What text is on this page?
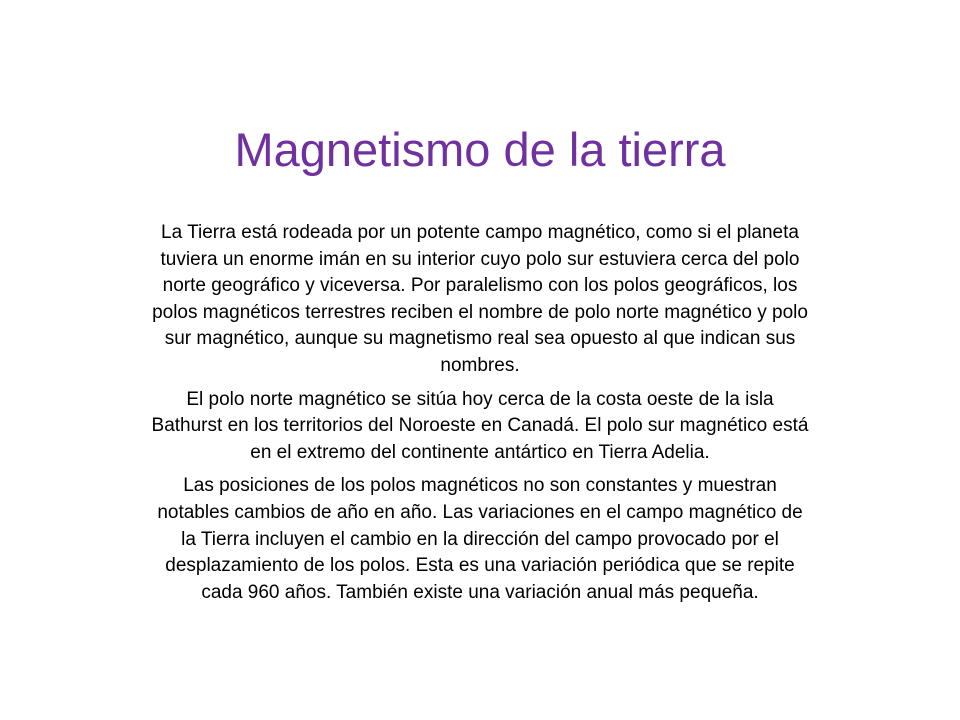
Magnetismo de la tierra

La Tierra está rodeada por un potente campo magnético, como si el planeta tuviera un enorme imán en su interior cuyo polo sur estuviera cerca del polo norte geográfico y viceversa. Por paralelismo con los polos geográficos, los polos magnéticos terrestres reciben el nombre de polo norte magnético y polo sur magnético, aunque su magnetismo real sea opuesto al que indican sus nombres.

El polo norte magnético se sitúa hoy cerca de la costa oeste de la isla Bathurst en los territorios del Noroeste en Canadá. El polo sur magnético está en el extremo del continente antártico en Tierra Adelia.

Las posiciones de los polos magnéticos no son constantes y muestran notables cambios de año en año. Las variaciones en el campo magnético de la Tierra incluyen el cambio en la dirección del campo provocado por el desplazamiento de los polos. Esta es una variación periódica que se repite cada 960 años. También existe una variación anual más pequeña.
